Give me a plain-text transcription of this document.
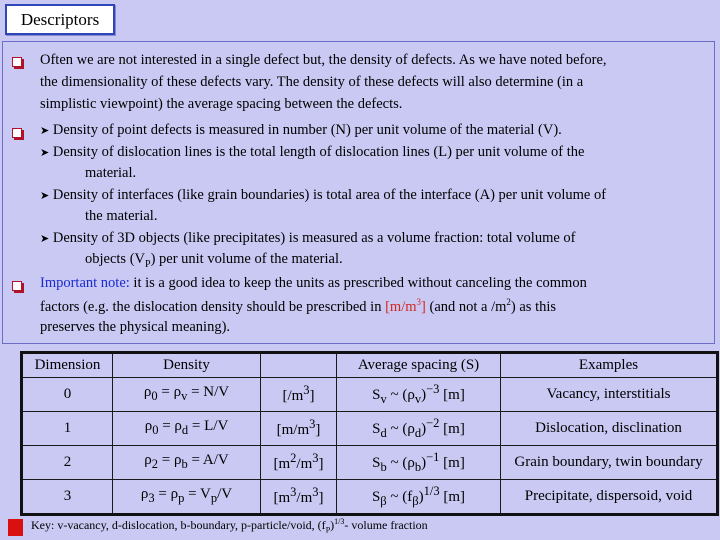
Descriptors
Often we are not interested in a single defect but, the density of defects. As we have noted before,
the dimensionality of these defects vary. The density of these defects will also determine (in a
simplistic viewpoint) the average spacing between the defects.
➤ Density of point defects is measured in number (N) per unit volume of the material (V).
➤ Density of dislocation lines is the total length of dislocation lines (L) per unit volume of the
material.
➤ Density of interfaces (like grain boundaries) is total area of the interface (A) per unit volume of
the material.
➤ Density of 3D objects (like precipitates) is measured as a volume fraction: total volume of
objects $(V_P)$ per unit volume of the material.
Important note: it is a good idea to keep the units as prescribed without canceling the common
factors (e.g. the dislocation density should be prescribed in $[m/m^3]$ (and not a $/m^2$) as this
preserves the physical meaning).
Dimension	Density		Average spacing (S)	Examples
0	$\rho_0 = \rho_v = N/V$	$[/m^3]$	$S_v$ ~ $(\rho_v)^{-3}$ [m]	Vacancy, interstitials
1	$\rho_0 = \rho_d = L/V$	$[m/m^3]$	$S_d$ ~ $(\rho_d)^{-2}$ [m]	Dislocation, disclination
2	$\rho_2 = \rho_b = A/V$	$[m^2/m^3]$	$S_b$ ~ $(\rho_b)^{-1}$ [m]	Grain boundary, twin boundary
3	$\rho_3 = \rho_p = V_p/V$	$[m^3/m^3]$	$S_\beta$ ~ $(f_\beta)^{1/3}$ [m]	Precipitate, dispersoid, void
Key: v-vacancy, d-dislocation, b-boundary, p-particle/void, $(f_P)^{1/3}-$ volume fraction
